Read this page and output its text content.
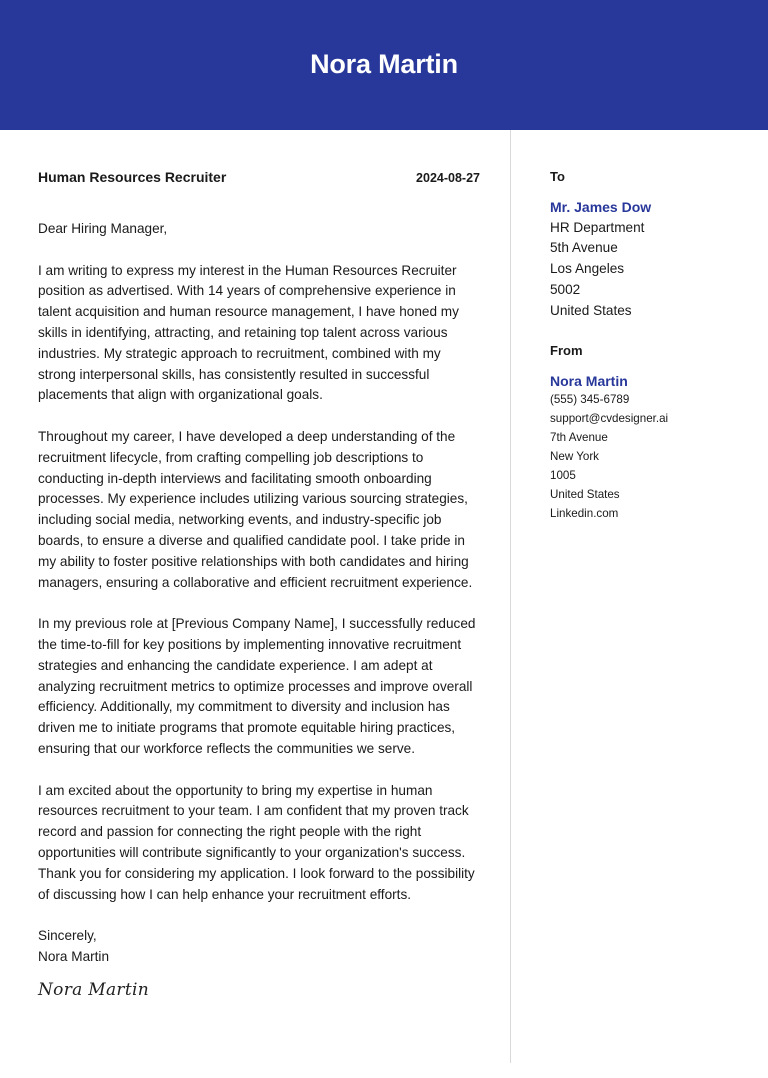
Nora Martin
Human Resources Recruiter	2024-08-27
Dear Hiring Manager,
I am writing to express my interest in the Human Resources Recruiter position as advertised. With 14 years of comprehensive experience in talent acquisition and human resource management, I have honed my skills in identifying, attracting, and retaining top talent across various industries. My strategic approach to recruitment, combined with my strong interpersonal skills, has consistently resulted in successful placements that align with organizational goals.
Throughout my career, I have developed a deep understanding of the recruitment lifecycle, from crafting compelling job descriptions to conducting in-depth interviews and facilitating smooth onboarding processes. My experience includes utilizing various sourcing strategies, including social media, networking events, and industry-specific job boards, to ensure a diverse and qualified candidate pool. I take pride in my ability to foster positive relationships with both candidates and hiring managers, ensuring a collaborative and efficient recruitment experience.
In my previous role at [Previous Company Name], I successfully reduced the time-to-fill for key positions by implementing innovative recruitment strategies and enhancing the candidate experience. I am adept at analyzing recruitment metrics to optimize processes and improve overall efficiency. Additionally, my commitment to diversity and inclusion has driven me to initiate programs that promote equitable hiring practices, ensuring that our workforce reflects the communities we serve.
I am excited about the opportunity to bring my expertise in human resources recruitment to your team. I am confident that my proven track record and passion for connecting the right people with the right opportunities will contribute significantly to your organization's success. Thank you for considering my application. I look forward to the possibility of discussing how I can help enhance your recruitment efforts.
Sincerely,
Nora Martin
Nora Martin
To
Mr. James Dow
HR Department
5th Avenue
Los Angeles
5002
United States
From
Nora Martin
(555) 345-6789
support@cvdesigner.ai
7th Avenue
New York
1005
United States
Linkedin.com
